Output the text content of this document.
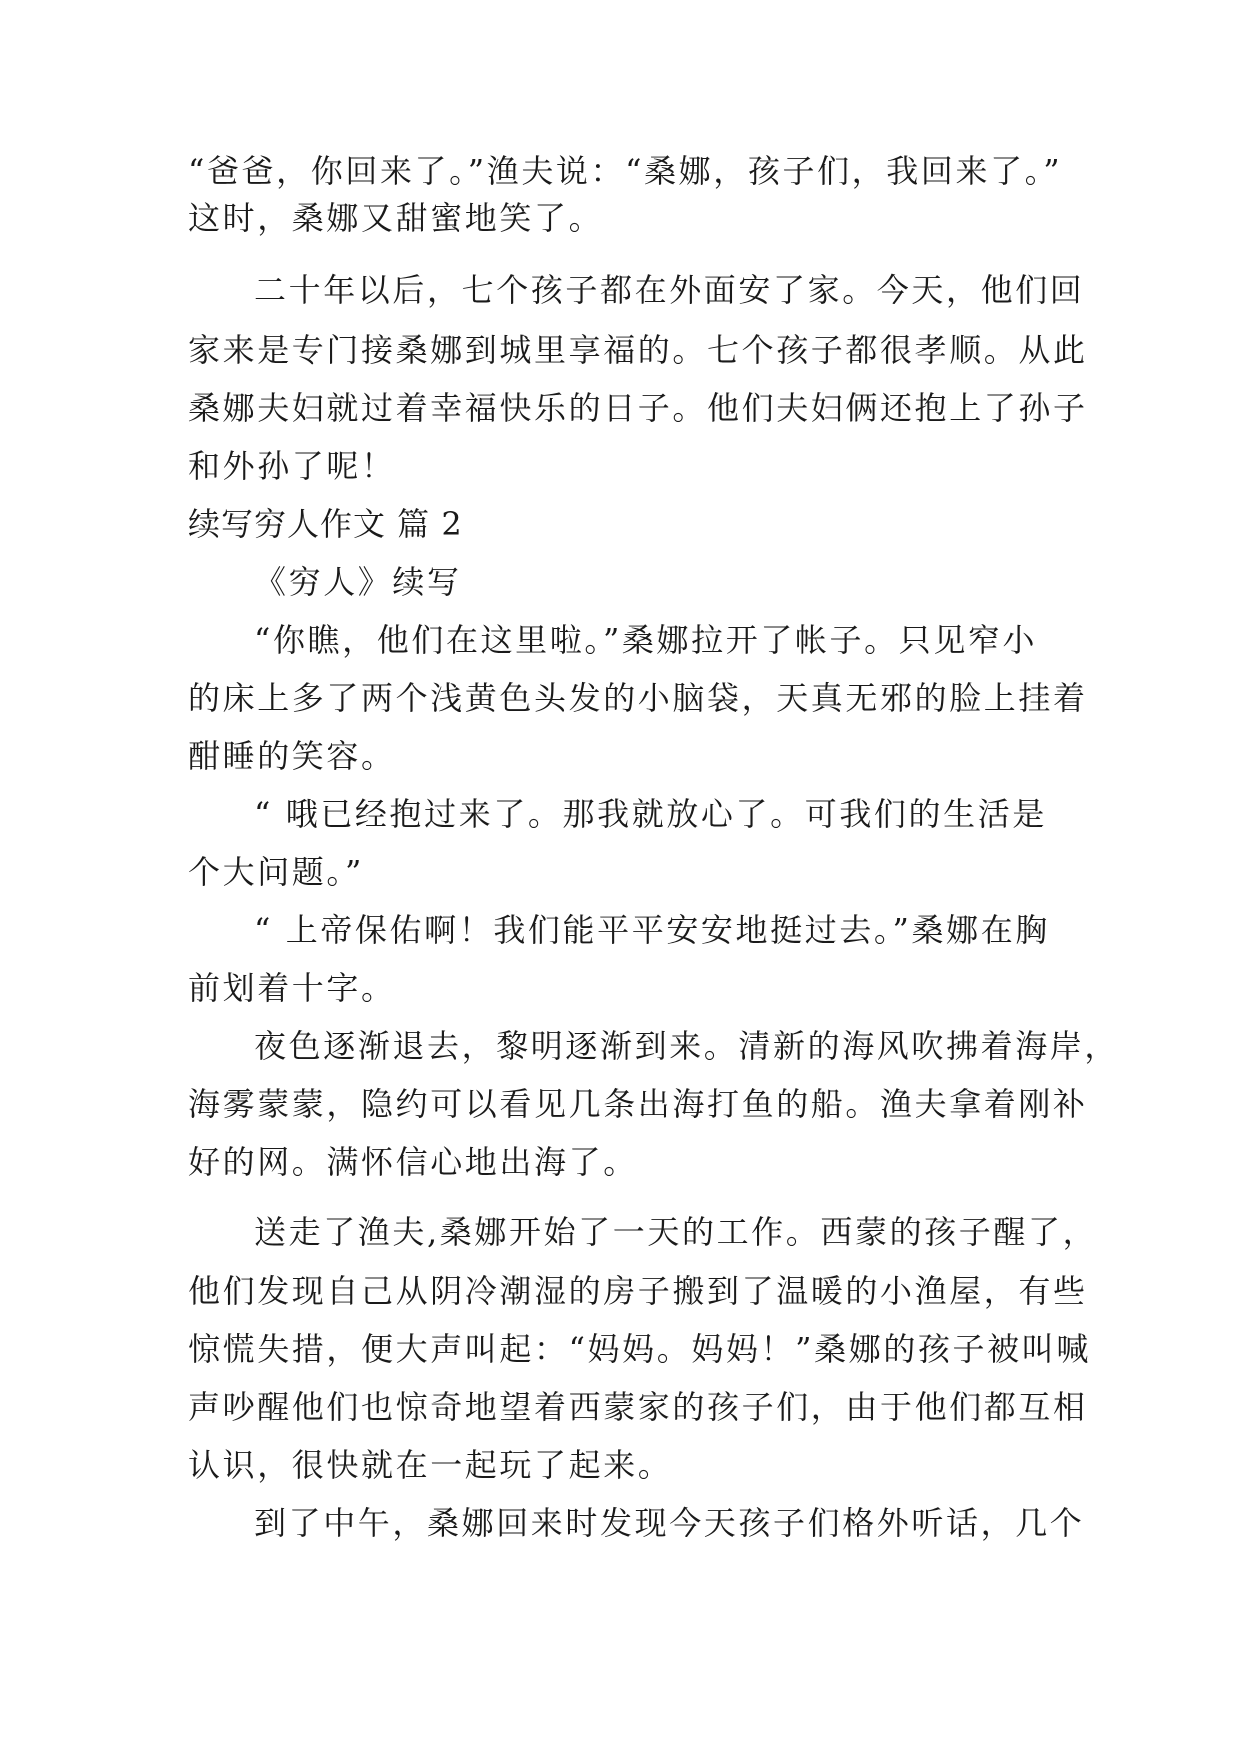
“爸爸，你回来了。”渔夫说：“桑娜，孩子们，我回来了。”
这时，桑娜又甜蜜地笑了。
二十年以后，七个孩子都在外面安了家。今天，他们回
家来是专门接桑娜到城里享福的。七个孩子都很孝顺。从此
桑娜夫妇就过着幸福快乐的日子。他们夫妇俩还抱上了孙子
和外孙了呢！
续写穷人作文 篇 2
《穷人》续写
“你瞧，他们在这里啦。”桑娜拉开了帐子。只见窄小
的床上多了两个浅黄色头发的小脑袋，天真无邪的脸上挂着
酣睡的笑容。
“ 哦已经抱过来了。那我就放心了。可我们的生活是
个大问题。”
“ 上帝保佑啊！我们能平平安安地挺过去。”桑娜在胸
前划着十字。
夜色逐渐退去，黎明逐渐到来。清新的海风吹拂着海岸，
海雾蒙蒙，隐约可以看见几条出海打鱼的船。渔夫拿着刚补
好的网。满怀信心地出海了。
送走了渔夫,桑娜开始了一天的工作。西蒙的孩子醒了，
他们发现自己从阴冷潮湿的房子搬到了温暖的小渔屋，有些
惊慌失措，便大声叫起：“妈妈。妈妈！”桑娜的孩子被叫喊
声吵醒他们也惊奇地望着西蒙家的孩子们，由于他们都互相
认识，很快就在一起玩了起来。
到了中午，桑娜回来时发现今天孩子们格外听话，几个
